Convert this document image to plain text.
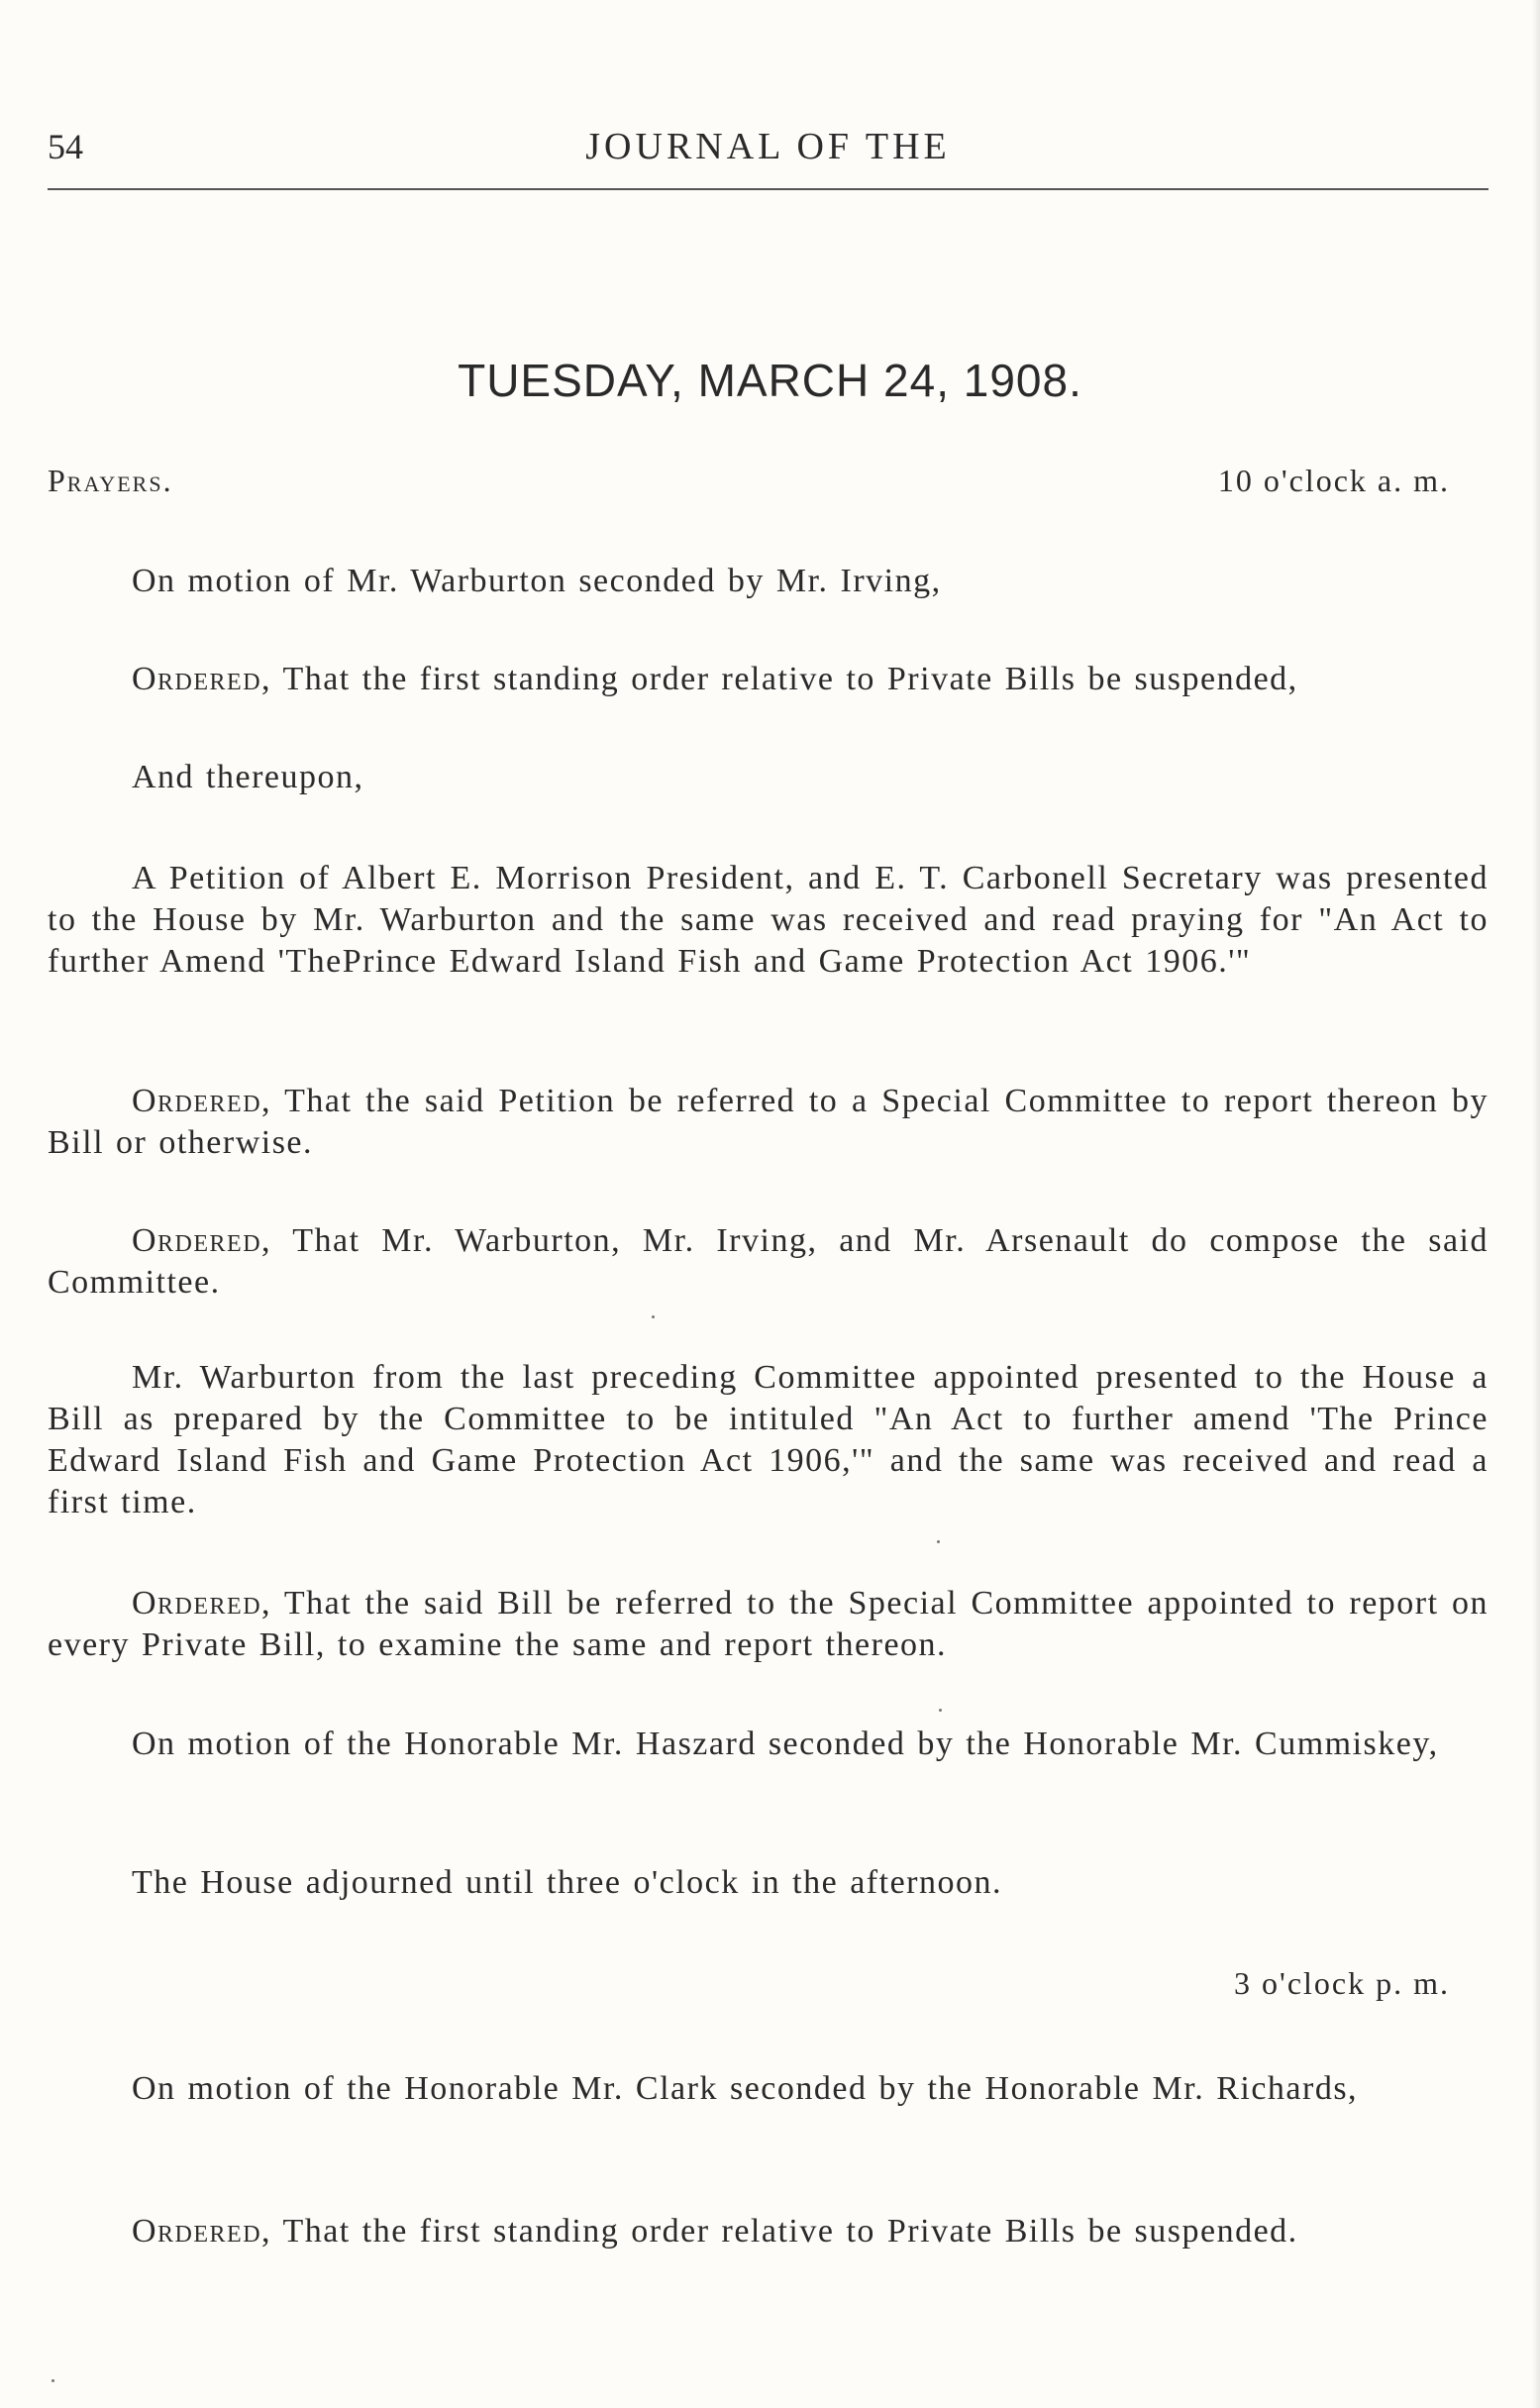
54	JOURNAL OF THE
TUESDAY, MARCH 24, 1908.
Prayers.	10 o'clock a. m.

On motion of Mr. Warburton seconded by Mr. Irving,

Ordered, That the first standing order relative to Private Bills be suspended,

And thereupon,

A Petition of Albert E. Morrison President, and E. T. Carbonell Secretary was presented to the House by Mr. Warburton and the same was received and read praying for "An Act to further Amend 'ThePrince Edward Island Fish and Game Protection Act 1906.'"

Ordered, That the said Petition be referred to a Special Committee to report thereon by Bill or otherwise.

Ordered, That Mr. Warburton, Mr. Irving, and Mr. Arsenault do compose the said Committee.

Mr. Warburton from the last preceding Committee appointed presented to the House a Bill as prepared by the Committee to be intituled "An Act to further amend 'The Prince Edward Island Fish and Game Protection Act 1906,'" and the same was received and read a first time.

Ordered, That the said Bill be referred to the Special Committee appointed to report on every Private Bill, to examine the same and report thereon.

On motion of the Honorable Mr. Haszard seconded by the Honorable Mr. Cummiskey,

The House adjourned until three o'clock in the afternoon.

3 o'clock p. m.

On motion of the Honorable Mr. Clark seconded by the Honorable Mr. Richards,

Ordered, That the first standing order relative to Private Bills be suspended.
